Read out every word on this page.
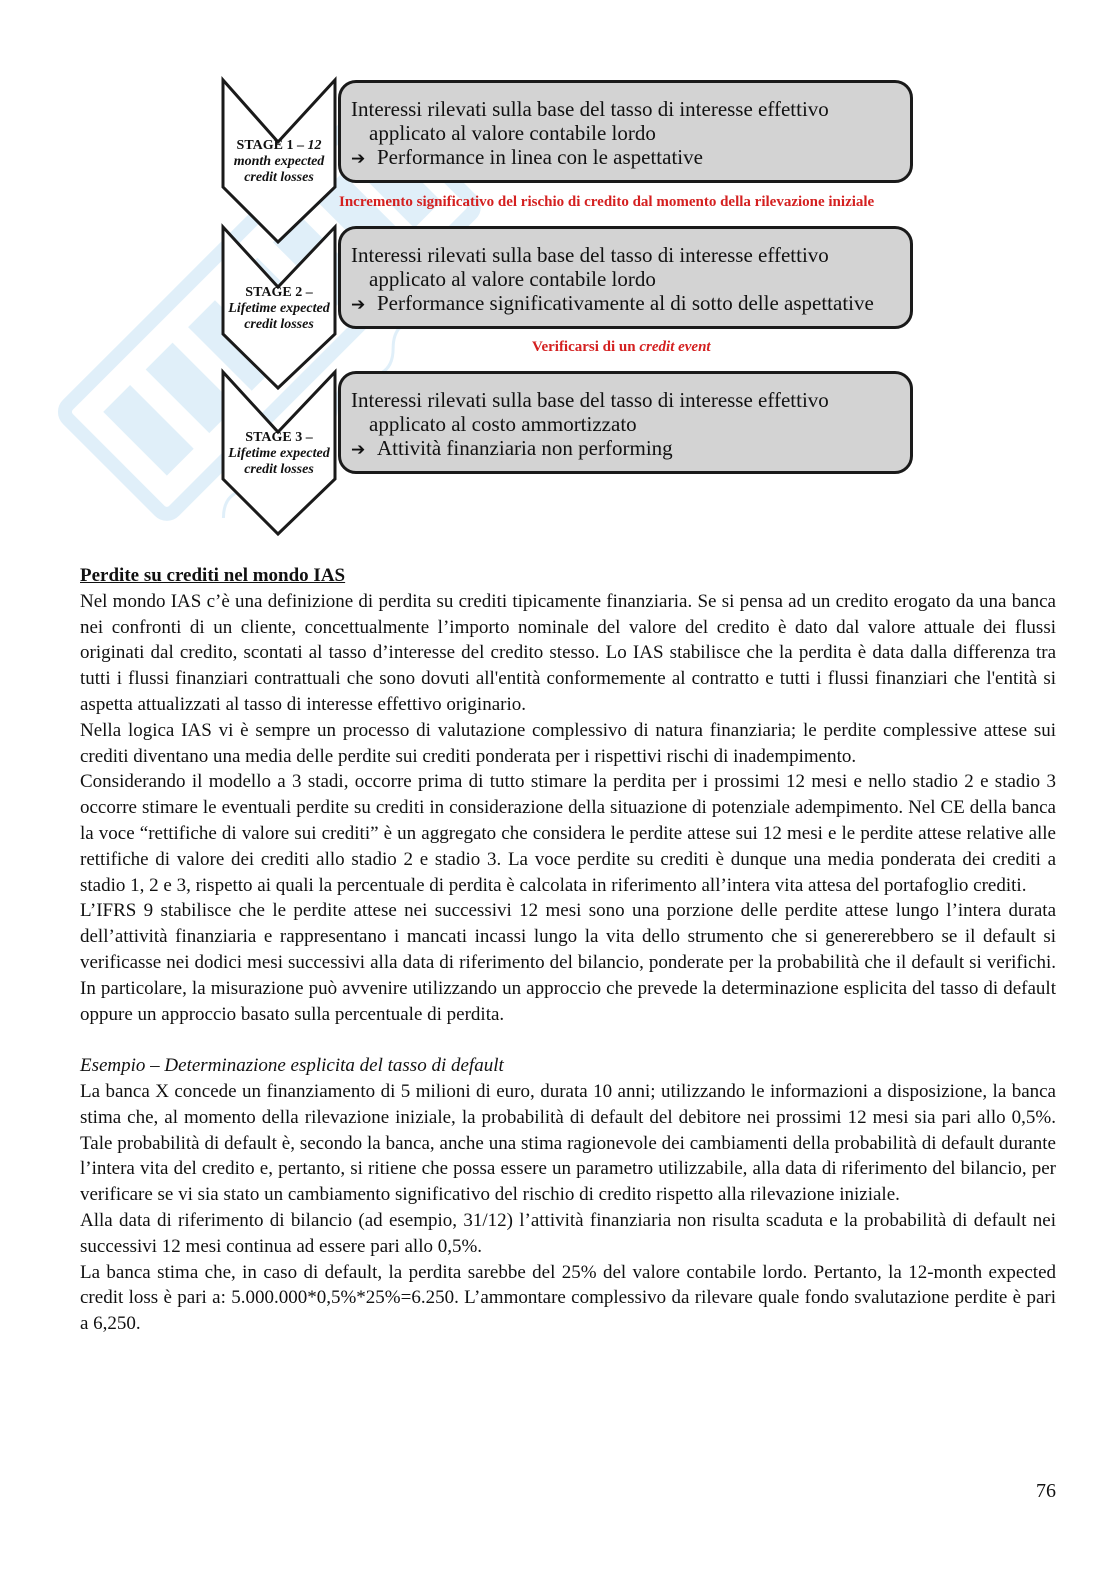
STAGE 1 – 12
month expected
credit losses
Interessi rilevati sulla base del tasso di interesse effettivo
applicato al valore contabile lordo
➔ Performance in linea con le aspettative
Incremento significativo del rischio di credito dal momento della rilevazione iniziale
STAGE 2 –
Lifetime expected
credit losses
Interessi rilevati sulla base del tasso di interesse effettivo
applicato al valore contabile lordo
➔ Performance significativamente al di sotto delle aspettative
Verificarsi di un credit event
STAGE 3 –
Lifetime expected
credit losses
Interessi rilevati sulla base del tasso di interesse effettivo
applicato al costo ammortizzato
➔ Attività finanziaria non performing

Perdite su crediti nel mondo IAS

Nel mondo IAS c’è una definizione di perdita su crediti tipicamente finanziaria. Se si pensa ad un credito erogato da una banca nei confronti di un cliente, concettualmente l’importo nominale del valore del credito è dato dal valore attuale dei flussi originati dal credito, scontati al tasso d’interesse del credito stesso. Lo IAS stabilisce che la perdita è data dalla differenza tra tutti i flussi finanziari contrattuali che sono dovuti all'entità conformemente al contratto e tutti i flussi finanziari che l'entità si aspetta attualizzati al tasso di interesse effettivo originario.

Nella logica IAS vi è sempre un processo di valutazione complessivo di natura finanziaria; le perdite complessive attese sui crediti diventano una media delle perdite sui crediti ponderata per i rispettivi rischi di inadempimento.

Considerando il modello a 3 stadi, occorre prima di tutto stimare la perdita per i prossimi 12 mesi e nello stadio 2 e stadio 3 occorre stimare le eventuali perdite su crediti in considerazione della situazione di potenziale adempimento. Nel CE della banca la voce “rettifiche di valore sui crediti” è un aggregato che considera le perdite attese sui 12 mesi e le perdite attese relative alle rettifiche di valore dei crediti allo stadio 2 e stadio 3. La voce perdite su crediti è dunque una media ponderata dei crediti a stadio 1, 2 e 3, rispetto ai quali la percentuale di perdita è calcolata in riferimento all’intera vita attesa del portafoglio crediti.

L’IFRS 9 stabilisce che le perdite attese nei successivi 12 mesi sono una porzione delle perdite attese lungo l’intera durata dell’attività finanziaria e rappresentano i mancati incassi lungo la vita dello strumento che si genererebbero se il default si verificasse nei dodici mesi successivi alla data di riferimento del bilancio, ponderate per la probabilità che il default si verifichi. In particolare, la misurazione può avvenire utilizzando un approccio che prevede la determinazione esplicita del tasso di default oppure un approccio basato sulla percentuale di perdita.

Esempio – Determinazione esplicita del tasso di default

La banca X concede un finanziamento di 5 milioni di euro, durata 10 anni; utilizzando le informazioni a disposizione, la banca stima che, al momento della rilevazione iniziale, la probabilità di default del debitore nei prossimi 12 mesi sia pari allo 0,5%. Tale probabilità di default è, secondo la banca, anche una stima ragionevole dei cambiamenti della probabilità di default durante l’intera vita del credito e, pertanto, si ritiene che possa essere un parametro utilizzabile, alla data di riferimento del bilancio, per verificare se vi sia stato un cambiamento significativo del rischio di credito rispetto alla rilevazione iniziale.

Alla data di riferimento di bilancio (ad esempio, 31/12) l’attività finanziaria non risulta scaduta e la probabilità di default nei successivi 12 mesi continua ad essere pari allo 0,5%.

La banca stima che, in caso di default, la perdita sarebbe del 25% del valore contabile lordo. Pertanto, la 12-month expected credit loss è pari a: 5.000.000*0,5%*25%=6.250. L’ammontare complessivo da rilevare quale fondo svalutazione perdite è pari a 6,250.

76
